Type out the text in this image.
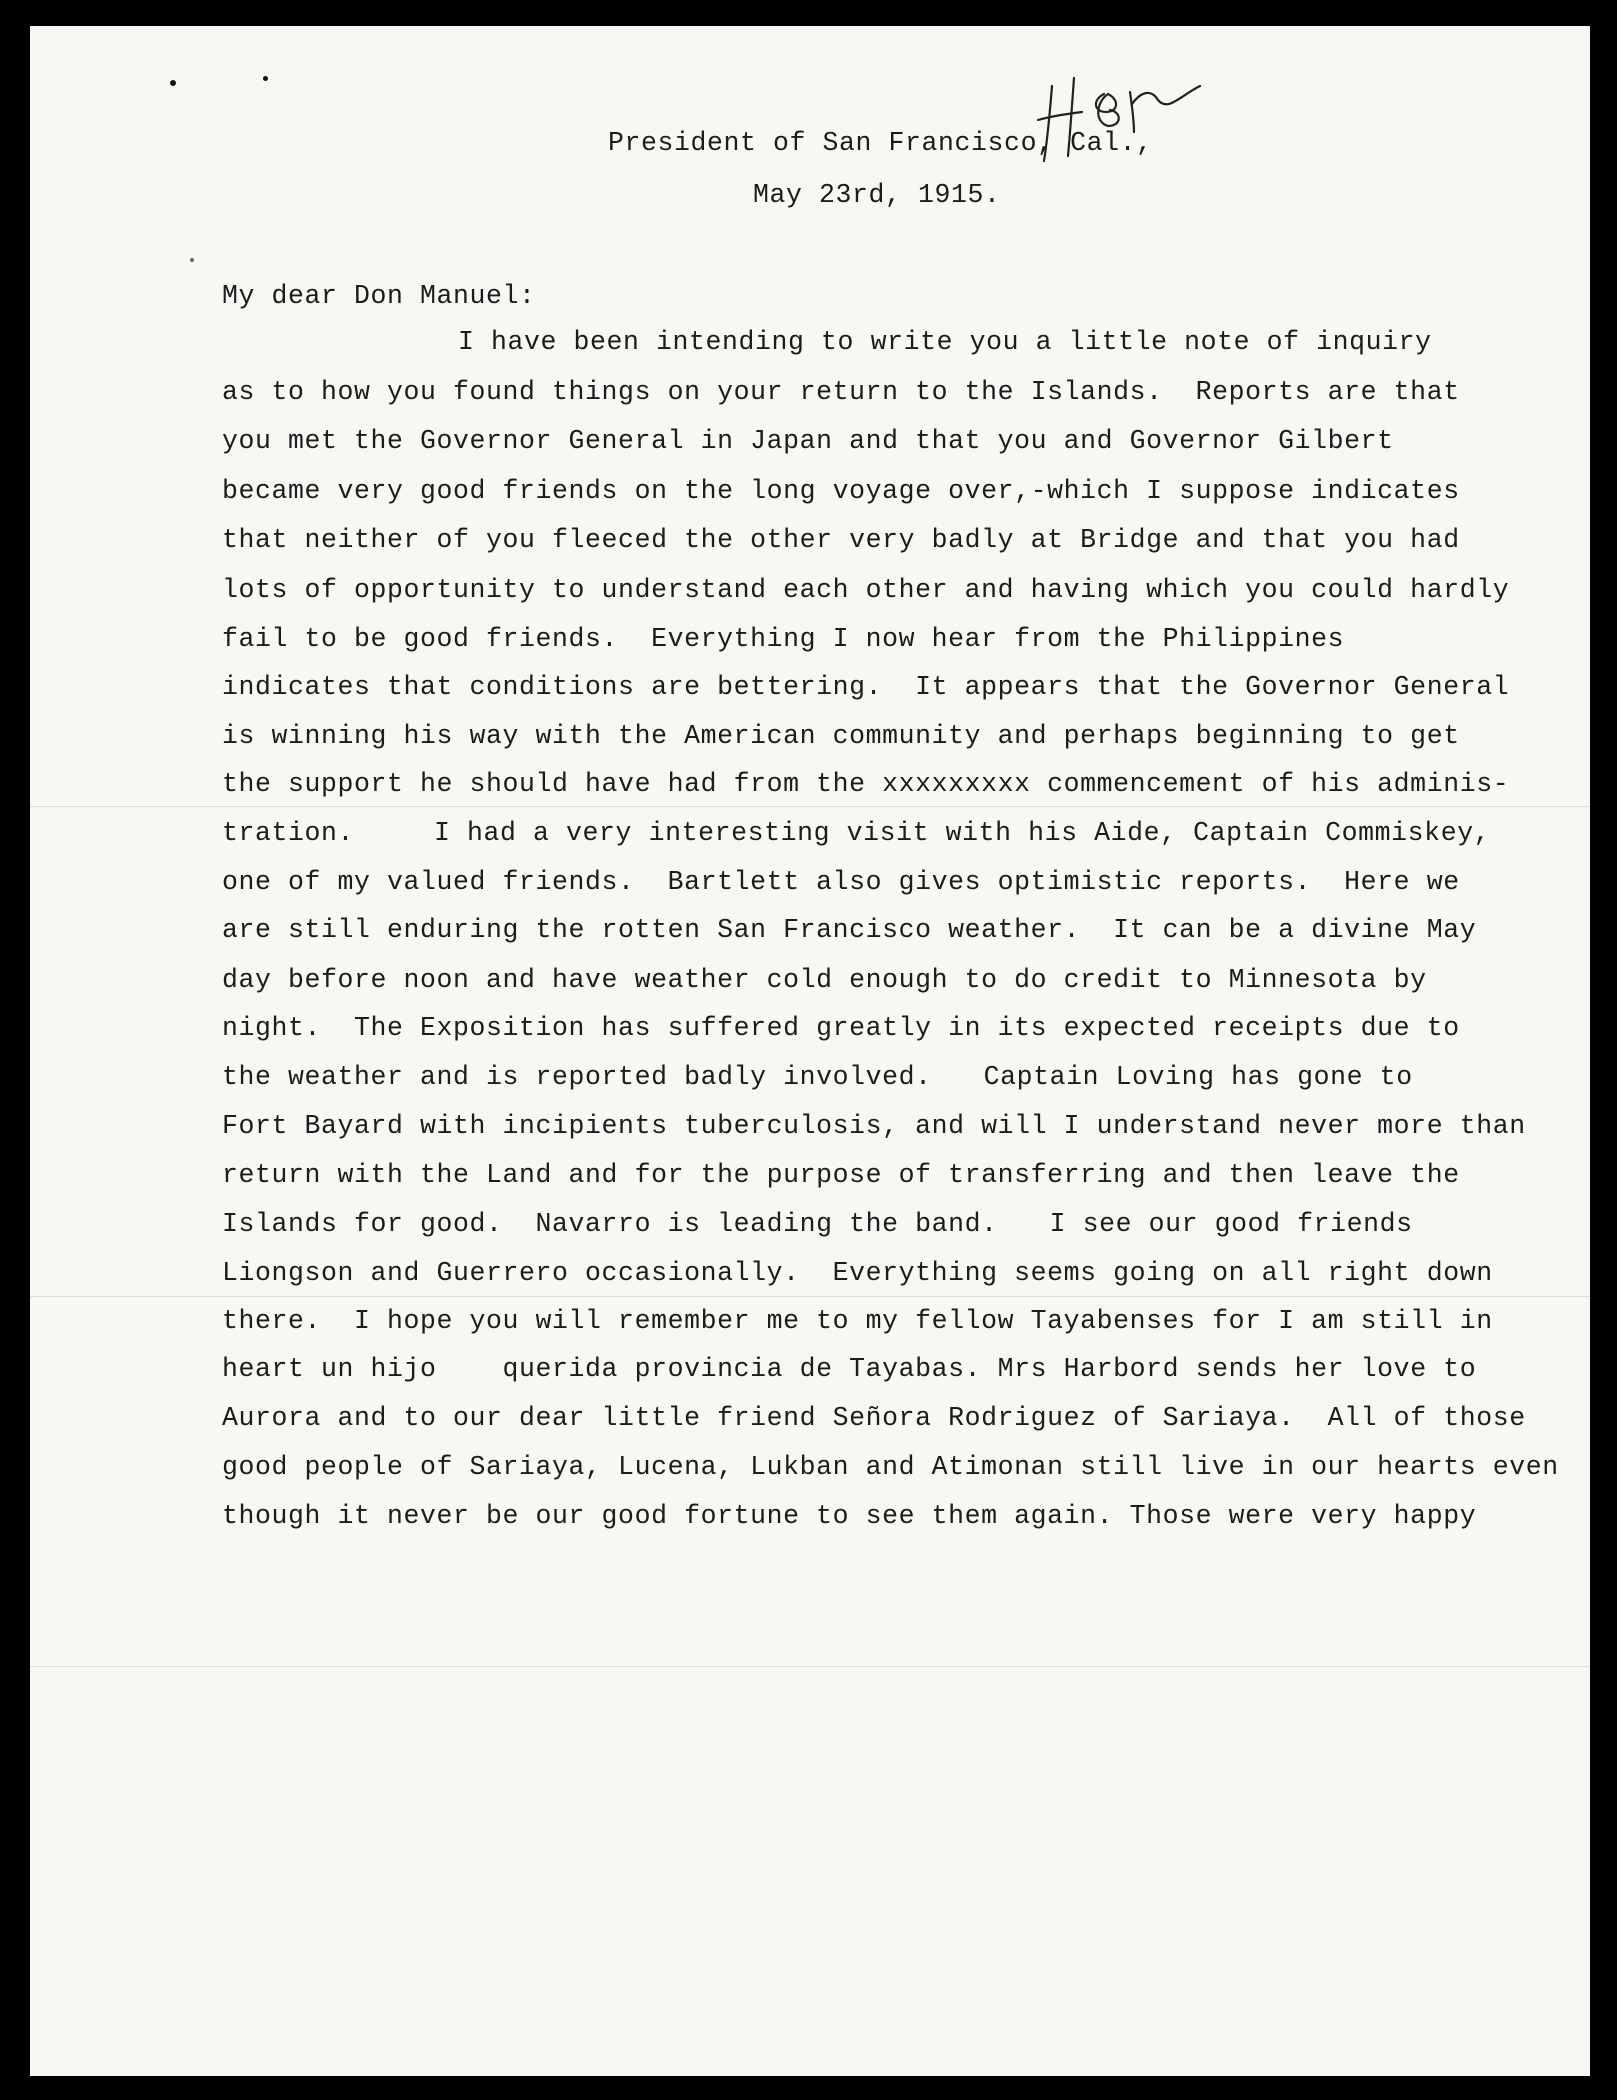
President of San Francisco, Cal.,

May 23rd, 1915.

My dear Don Manuel:

I have been intending to write you a little note of inquiry

as to how you found things on your return to the Islands.  Reports are that

you met the Governor General in Japan and that you and Governor Gilbert

became very good friends on the long voyage over,-which I suppose indicates

that neither of you fleeced the other very badly at Bridge and that you had

lots of opportunity to understand each other and having which you could hardly

fail to be good friends.  Everything I now hear from the Philippines

indicates that conditions are bettering.  It appears that the Governor General

is winning his way with the American community and perhaps beginning to get

the support he should have had from the xxxxxxxxx commencement of his adminis-

tration.	I had a very interesting visit with his Aide, Captain Commiskey,

one of my valued friends.  Bartlett also gives optimistic reports.  Here we

are still enduring the rotten San Francisco weather.  It can be a divine May

day before noon and have weather cold enough to do credit to Minnesota by

night.  The Exposition has suffered greatly in its expected receipts due to

the weather and is reported badly involved. Captain Loving has gone to

Fort Bayard with incipients tuberculosis, and will I understand never more than

return with the Land and for the purpose of transferring and then leave the

Islands for good.  Navarro is leading the band. I see our good friends

Liongson and Guerrero occasionally.  Everything seems going on all right down

there.  I hope you will remember me to my fellow Tayabenses for I am still in

heart un hijo querida provincia de Tayabas. Mrs Harbord sends her love to

Aurora and to our dear little friend Señora Rodriguez of Sariaya.  All of those

good people of Sariaya, Lucena, Lukban and Atimonan still live in our hearts even

though it never be our good fortune to see them again. Those were very happy
